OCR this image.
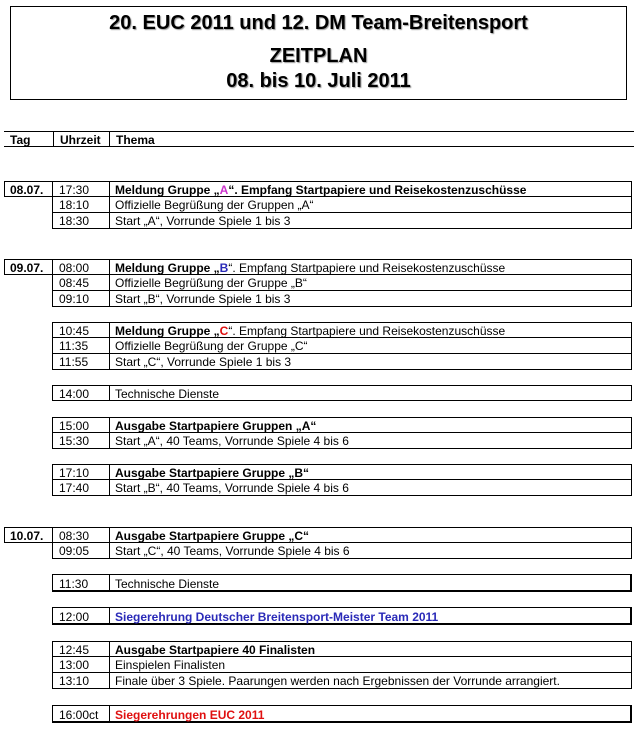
20. EUC 2011 und 12. DM Team-Breitensport
ZEITPLAN
08. bis 10. Juli 2011
Tag Uhrzeit Thema
08.07. 17:30 Meldung Gruppe „A“. Empfang Startpapiere und Reisekostenzuschüsse
18:10 Offizielle Begrüßung der Gruppen „A“
18:30 Start „A“, Vorrunde Spiele 1 bis 3
09.07. 08:00 Meldung Gruppe „B“. Empfang Startpapiere und Reisekostenzuschüsse
08:45 Offizielle Begrüßung der Gruppe „B“
09:10 Start „B“, Vorrunde Spiele 1 bis 3
10:45 Meldung Gruppe „C“. Empfang Startpapiere und Reisekostenzuschüsse
11:35 Offizielle Begrüßung der Gruppe „C“
11:55 Start „C“, Vorrunde Spiele 1 bis 3
14:00 Technische Dienste
15:00 Ausgabe Startpapiere Gruppen „A“
15:30 Start „A“, 40 Teams, Vorrunde Spiele 4 bis 6
17:10 Ausgabe Startpapiere Gruppe „B“
17:40 Start „B“, 40 Teams, Vorrunde Spiele 4 bis 6
10.07. 08:30 Ausgabe Startpapiere Gruppe „C“
09:05 Start „C“, 40 Teams, Vorrunde Spiele 4 bis 6
11:30 Technische Dienste
12:00 Siegerehrung Deutscher Breitensport-Meister Team 2011
12:45 Ausgabe Startpapiere 40 Finalisten
13:00 Einspielen Finalisten
13:10 Finale über 3 Spiele. Paarungen werden nach Ergebnissen der Vorrunde arrangiert.
16:00ct Siegerehrungen EUC 2011
